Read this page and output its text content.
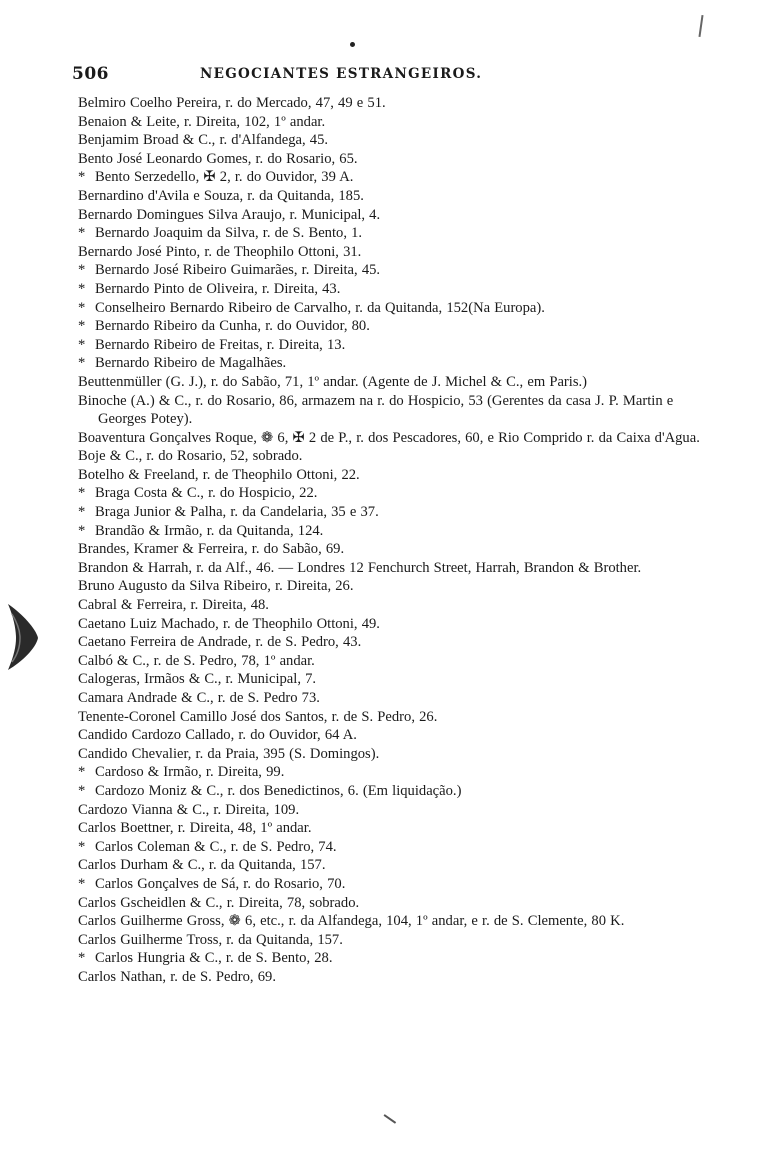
506	NEGOCIANTES ESTRANGEIROS.
Belmiro Coelho Pereira, r. do Mercado, 47, 49 e 51.
Benaion & Leite, r. Direita, 102, 1º andar.
Benjamim Broad & C., r. d'Alfandega, 45.
Bento José Leonardo Gomes, r. do Rosario, 65.
* Bento Serzedello, ✠ 2, r. do Ouvidor, 39 A.
Bernardino d'Avila e Souza, r. da Quitanda, 185.
Bernardo Domingues Silva Araujo, r. Municipal, 4.
* Bernardo Joaquim da Silva, r. de S. Bento, 1.
Bernardo José Pinto, r. de Theophilo Ottoni, 31.
* Bernardo José Ribeiro Guimarães, r. Direita, 45.
* Bernardo Pinto de Oliveira, r. Direita, 43.
* Conselheiro Bernardo Ribeiro de Carvalho, r. da Quitanda, 152(Na Europa).
* Bernardo Ribeiro da Cunha, r. do Ouvidor, 80.
* Bernardo Ribeiro de Freitas, r. Direita, 13.
* Bernardo Ribeiro de Magalhães.
Beuttenmüller (G. J.), r. do Sabão, 71, 1º andar. (Agente de J. Michel & C., em Paris.)
Binoche (A.) & C., r. do Rosario, 86, armazem na r. do Hospicio, 53 (Gerentes da casa J. P. Martin e Georges Potey).
Boaventura Gonçalves Roque, ❁ 6, ✠ 2 de P., r. dos Pescadores, 60, e Rio Comprido r. da Caixa d'Agua.
Boje & C., r. do Rosario, 52, sobrado.
Botelho & Freeland, r. de Theophilo Ottoni, 22.
* Braga Costa & C., r. do Hospicio, 22.
* Braga Junior & Palha, r. da Candelaria, 35 e 37.
* Brandão & Irmão, r. da Quitanda, 124.
Brandes, Kramer & Ferreira, r. do Sabão, 69.
Brandon & Harrah, r. da Alf., 46. — Londres 12 Fenchurch Street, Harrah, Brandon & Brother.
Bruno Augusto da Silva Ribeiro, r. Direita, 26.
Cabral & Ferreira, r. Direita, 48.
Caetano Luiz Machado, r. de Theophilo Ottoni, 49.
Caetano Ferreira de Andrade, r. de S. Pedro, 43.
Calbó & C., r. de S. Pedro, 78, 1º andar.
Calogeras, Irmãos & C., r. Municipal, 7.
Camara Andrade & C., r. de S. Pedro 73.
Tenente-Coronel Camillo José dos Santos, r. de S. Pedro, 26.
Candido Cardozo Callado, r. do Ouvidor, 64 A.
Candido Chevalier, r. da Praia, 395 (S. Domingos).
* Cardoso & Irmão, r. Direita, 99.
* Cardozo Moniz & C., r. dos Benedictinos, 6. (Em liquidação.)
Cardozo Vianna & C., r. Direita, 109.
Carlos Boettner, r. Direita, 48, 1º andar.
* Carlos Coleman & C., r. de S. Pedro, 74.
Carlos Durham & C., r. da Quitanda, 157.
* Carlos Gonçalves de Sá, r. do Rosario, 70.
Carlos Gscheidlen & C., r. Direita, 78, sobrado.
Carlos Guilherme Gross, ❁ 6, etc., r. da Alfandega, 104, 1º andar, e r. de S. Clemente, 80 K.
Carlos Guilherme Tross, r. da Quitanda, 157.
* Carlos Hungria & C., r. de S. Bento, 28.
Carlos Nathan, r. de S. Pedro, 69.
